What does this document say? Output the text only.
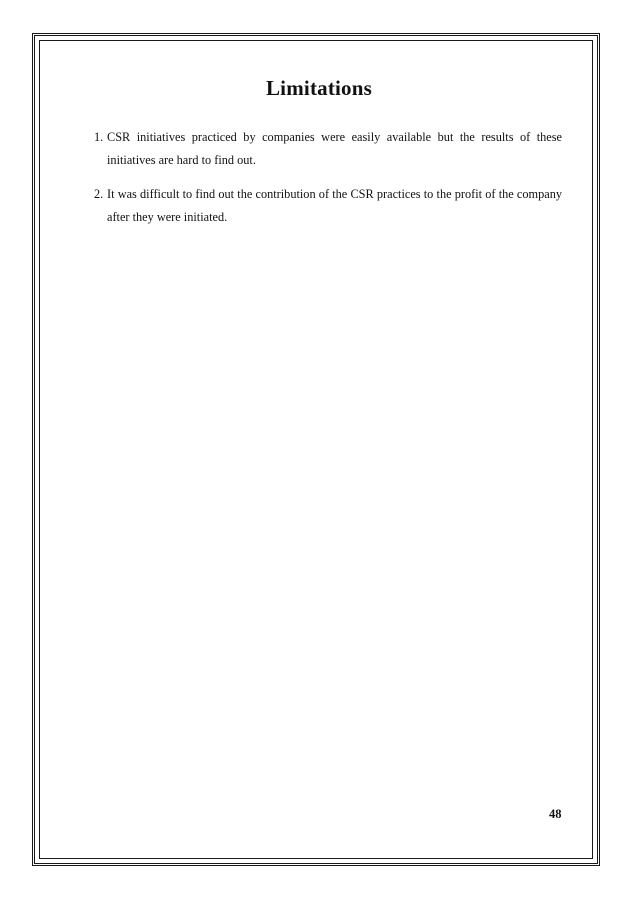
Limitations
1. CSR initiatives practiced by companies were easily available but the results of these initiatives are hard to find out.
2. It was difficult to find out the contribution of the CSR practices to the profit of the company after they were initiated.
48
